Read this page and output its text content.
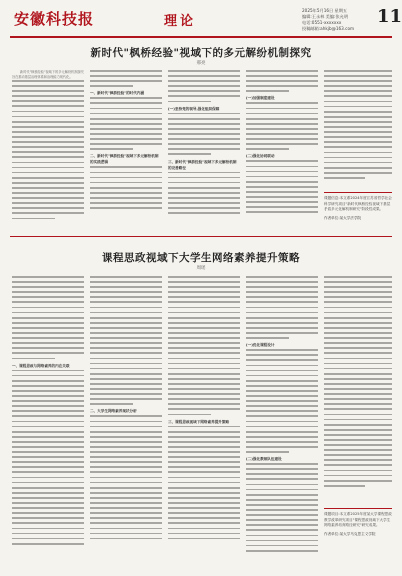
安徽科技报	理论
2025年5月16日 星期五
编辑:王永林 美编:张允明
电话:0551-xxxxxxx
投稿邮箱:ahkjb@163.com
11
新时代"枫桥经验"视域下的多元解纷机制探究
邢亮

新时代"枫桥经验"视域下的多元解纷机制探究旨在推动基层治理体系和治理能力现代化。

一、新时代"枫桥经验"的时代内涵
二、新时代"枫桥经验"视域下多元解纷机制的实践逻辑
(一)坚持党的领导,强化组织保障
三、新时代"枫桥经验"视域下多元解纷机制的完善路径
(一)加强制度建设
(二)强化协同联动
课题信息:本文系2024年度江苏省哲学社会科学研究项目"新时代枫桥经验视域下基层矛盾多元化解机制研究"阶段性成果。
作者单位:某大学法学院
课程思政视域下大学生网络素养提升策略
周瑶
一、课程思政与网络素养的内在关联
二、大学生网络素养现状分析
三、课程思政视域下网络素养提升策略
(一)优化课程设计
(二)强化教师队伍建设
课题项目:本文系2025年度某大学课程思政教学改革研究项目"课程思政视域下大学生网络素养培育路径研究"研究成果。
作者单位:某大学马克思主义学院
